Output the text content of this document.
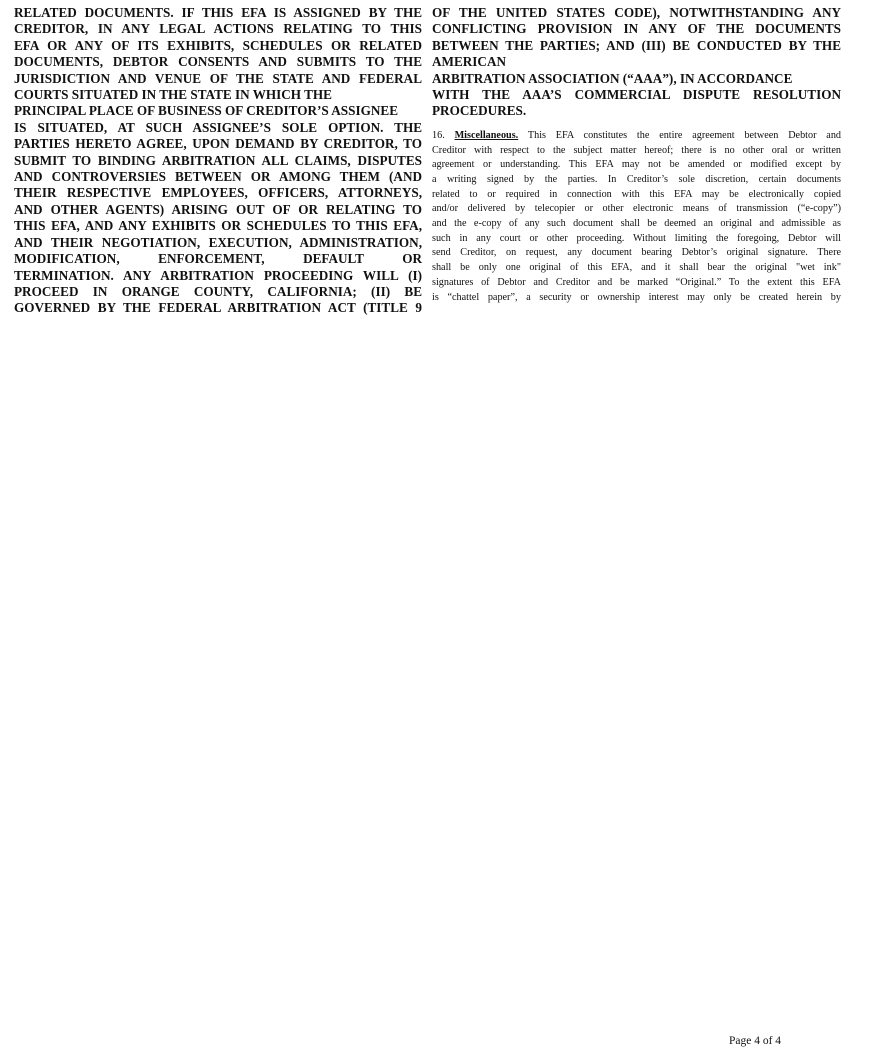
RELATED DOCUMENTS. IF THIS EFA IS ASSIGNED BY THE
CREDITOR, IN ANY LEGAL ACTIONS RELATING TO THIS
EFA OR ANY OF ITS EXHIBITS, SCHEDULES OR RELATED
DOCUMENTS, DEBTOR CONSENTS AND SUBMITS TO THE
JURISDICTION AND VENUE OF THE STATE AND FEDERAL
COURTS SITUATED IN THE STATE IN WHICH THE
PRINCIPAL PLACE OF BUSINESS OF CREDITOR’S ASSIGNEE
IS SITUATED, AT SUCH ASSIGNEE’S SOLE OPTION. THE
PARTIES HERETO AGREE, UPON DEMAND BY CREDITOR, TO
SUBMIT TO BINDING ARBITRATION ALL CLAIMS, DISPUTES
AND CONTROVERSIES BETWEEN OR AMONG THEM (AND
THEIR RESPECTIVE EMPLOYEES, OFFICERS, ATTORNEYS,
AND OTHER AGENTS) ARISING OUT OF OR RELATING TO
THIS EFA, AND ANY EXHIBITS OR SCHEDULES TO THIS EFA,
AND THEIR NEGOTIATION, EXECUTION, ADMINISTRATION,
MODIFICATION, ENFORCEMENT, DEFAULT OR
TERMINATION. ANY ARBITRATION PROCEEDING WILL (I)
PROCEED IN ORANGE COUNTY, CALIFORNIA; (II) BE
GOVERNED BY THE FEDERAL ARBITRATION ACT (TITLE 9
OF THE UNITED STATES CODE), NOTWITHSTANDING ANY
CONFLICTING PROVISION IN ANY OF THE DOCUMENTS
BETWEEN THE PARTIES; AND (III) BE CONDUCTED BY THE
AMERICAN
ARBITRATION ASSOCIATION (“AAA”), IN ACCORDANCE
WITH THE AAA’S COMMERCIAL DISPUTE RESOLUTION
PROCEDURES.
16. Miscellaneous. This EFA constitutes the entire agreement between Debtor and
Creditor with respect to the subject matter hereof; there is no other oral or written
agreement or understanding. This EFA may not be amended or modified except by
a writing signed by the parties. In Creditor’s sole discretion, certain documents
related to or required in connection with this EFA may be electronically copied
and/or delivered by telecopier or other electronic means of transmission (“e-copy”)
and the e-copy of any such document shall be deemed an original and admissible as
such in any court or other proceeding. Without limiting the foregoing, Debtor will
send Creditor, on request, any document bearing Debtor’s original signature. There
shall be only one original of this EFA, and it shall bear the original "wet ink"
signatures of Debtor and Creditor and be marked “Original.” To the extent this EFA
is “chattel paper”, a security or ownership interest may only be created herein by
Page 4 of 4
